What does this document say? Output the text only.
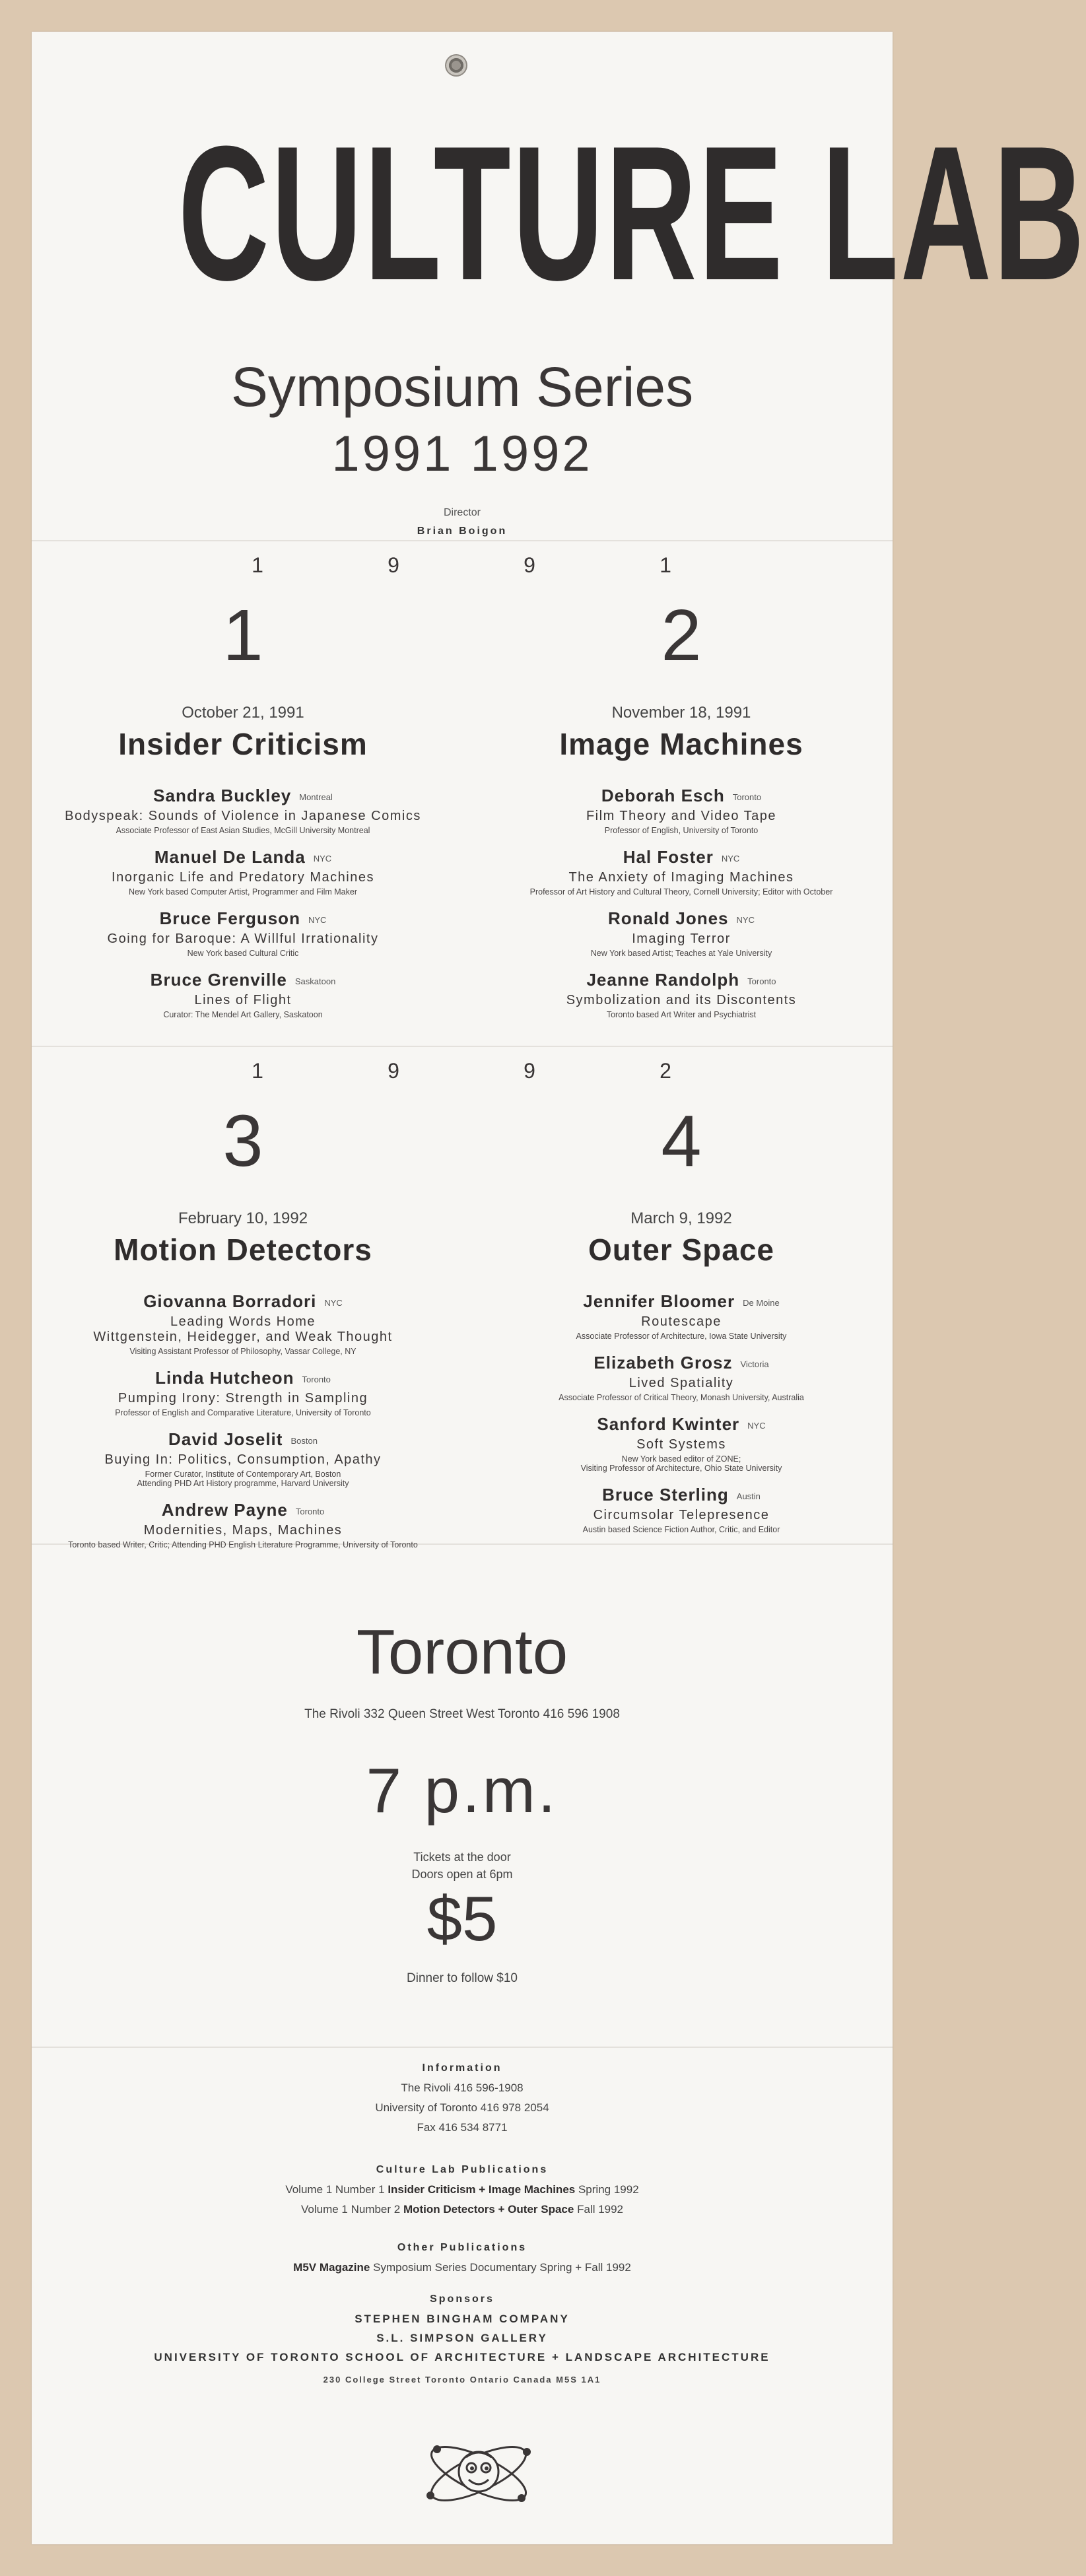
CULTURE LAB
Symposium Series
1991 1992
Director
Brian Boigon
1	9	9	1
1
October 21, 1991
Insider Criticism
Sandra Buckley Montreal
Bodyspeak: Sounds of Violence in Japanese Comics
Associate Professor of East Asian Studies, McGill University Montreal
Manuel De Landa NYC
Inorganic Life and Predatory Machines
New York based Computer Artist, Programmer and Film Maker
Bruce Ferguson NYC
Going for Baroque: A Willful Irrationality
New York based Cultural Critic
Bruce Grenville Saskatoon
Lines of Flight
Curator: The Mendel Art Gallery, Saskatoon
2
November 18, 1991
Image Machines
Deborah Esch Toronto
Film Theory and Video Tape
Professor of English, University of Toronto
Hal Foster NYC
The Anxiety of Imaging Machines
Professor of Art History and Cultural Theory, Cornell University; Editor with October
Ronald Jones NYC
Imaging Terror
New York based Artist; Teaches at Yale University
Jeanne Randolph Toronto
Symbolization and its Discontents
Toronto based Art Writer and Psychiatrist
1	9	9	2
3
February 10, 1992
Motion Detectors
Giovanna Borradori NYC
Leading Words Home
Wittgenstein, Heidegger, and Weak Thought
Visiting Assistant Professor of Philosophy, Vassar College, NY
Linda Hutcheon Toronto
Pumping Irony: Strength in Sampling
Professor of English and Comparative Literature, University of Toronto
David Joselit Boston
Buying In: Politics, Consumption, Apathy
Former Curator, Institute of Contemporary Art, Boston
Attending PHD Art History programme, Harvard University
Andrew Payne Toronto
Modernities, Maps, Machines
Toronto based Writer, Critic; Attending PHD English Literature Programme, University of Toronto
4
March 9, 1992
Outer Space
Jennifer Bloomer De Moine
Routescape
Associate Professor of Architecture, Iowa State University
Elizabeth Grosz Victoria
Lived Spatiality
Associate Professor of Critical Theory, Monash University, Australia
Sanford Kwinter NYC
Soft Systems
New York based editor of ZONE;
Visiting Professor of Architecture, Ohio State University
Bruce Sterling Austin
Circumsolar Telepresence
Austin based Science Fiction Author, Critic, and Editor
Toronto
The Rivoli 332 Queen Street West Toronto 416 596 1908
7 p.m.
Tickets at the door
Doors open at 6pm
$5
Dinner to follow $10
Information
The Rivoli 416 596-1908
University of Toronto 416 978 2054
Fax 416 534 8771
Culture Lab Publications
Volume 1 Number 1 Insider Criticism + Image Machines Spring 1992
Volume 1 Number 2 Motion Detectors + Outer Space Fall 1992
Other Publications
M5V Magazine Symposium Series Documentary Spring + Fall 1992
Sponsors
STEPHEN BINGHAM COMPANY
S.L. SIMPSON GALLERY
UNIVERSITY OF TORONTO SCHOOL OF ARCHITECTURE + LANDSCAPE ARCHITECTURE
230 College Street Toronto Ontario Canada M5S 1A1
